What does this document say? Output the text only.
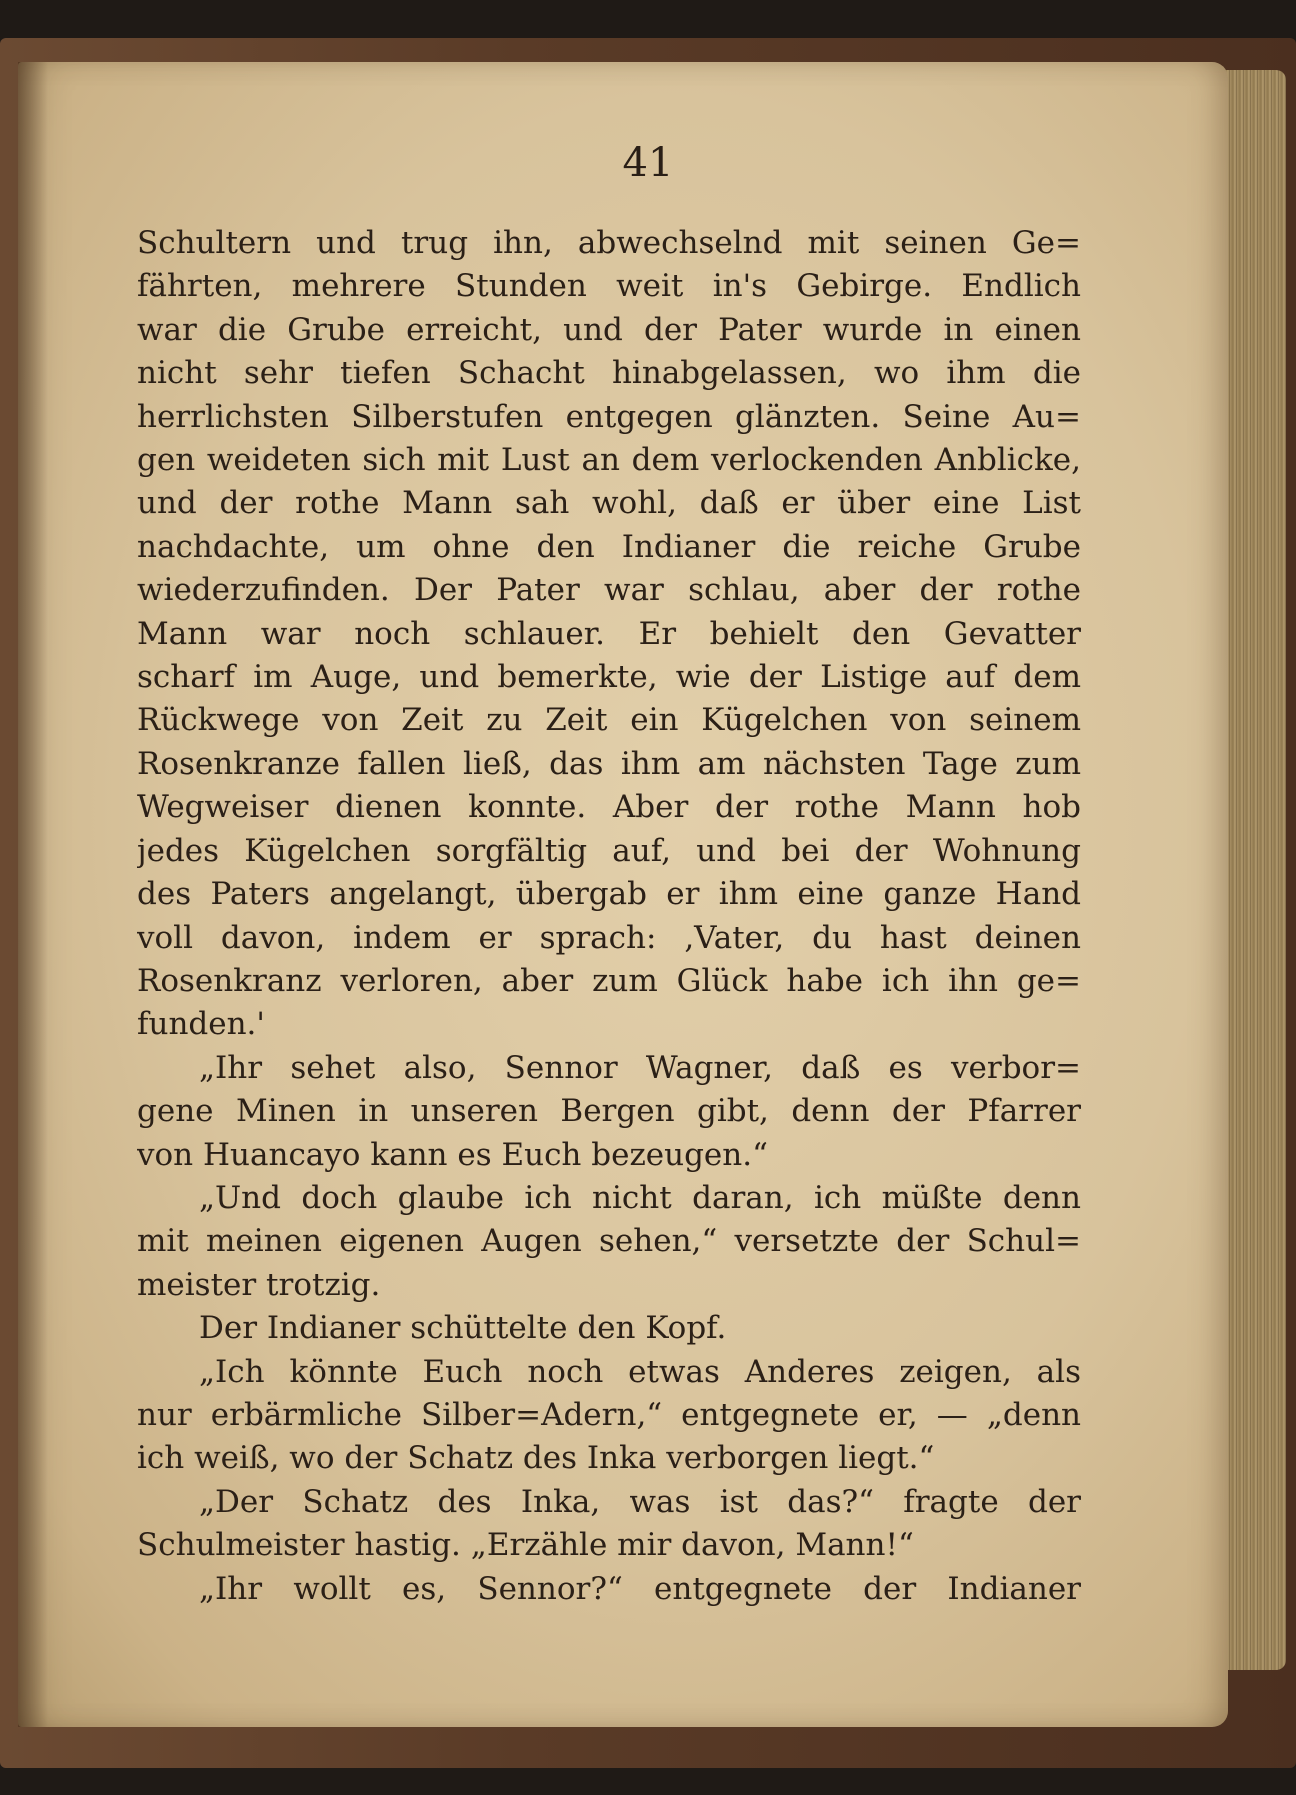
41
Schultern und trug ihn, abwechselnd mit seinen Ge=
fährten, mehrere Stunden weit in's Gebirge. Endlich
war die Grube erreicht, und der Pater wurde in einen
nicht sehr tiefen Schacht hinabgelassen, wo ihm die
herrlichsten Silberstufen entgegen glänzten. Seine Au=
gen weideten sich mit Lust an dem verlockenden Anblicke,
und der rothe Mann sah wohl, daß er über eine List
nachdachte, um ohne den Indianer die reiche Grube
wiederzufinden. Der Pater war schlau, aber der rothe
Mann war noch schlauer. Er behielt den Gevatter
scharf im Auge, und bemerkte, wie der Listige auf dem
Rückwege von Zeit zu Zeit ein Kügelchen von seinem
Rosenkranze fallen ließ, das ihm am nächsten Tage zum
Wegweiser dienen konnte. Aber der rothe Mann hob
jedes Kügelchen sorgfältig auf, und bei der Wohnung
des Paters angelangt, übergab er ihm eine ganze Hand
voll davon, indem er sprach: ,Vater, du hast deinen
Rosenkranz verloren, aber zum Glück habe ich ihn ge=
funden.'
„Ihr sehet also, Sennor Wagner, daß es verbor=
gene Minen in unseren Bergen gibt, denn der Pfarrer
von Huancayo kann es Euch bezeugen.“
„Und doch glaube ich nicht daran, ich müßte denn
mit meinen eigenen Augen sehen,“ versetzte der Schul=
meister trotzig.
Der Indianer schüttelte den Kopf.
„Ich könnte Euch noch etwas Anderes zeigen, als
nur erbärmliche Silber=Adern,“ entgegnete er, — „denn
ich weiß, wo der Schatz des Inka verborgen liegt.“
„Der Schatz des Inka, was ist das?“ fragte der
Schulmeister hastig. „Erzähle mir davon, Mann!“
„Ihr wollt es, Sennor?“ entgegnete der Indianer
